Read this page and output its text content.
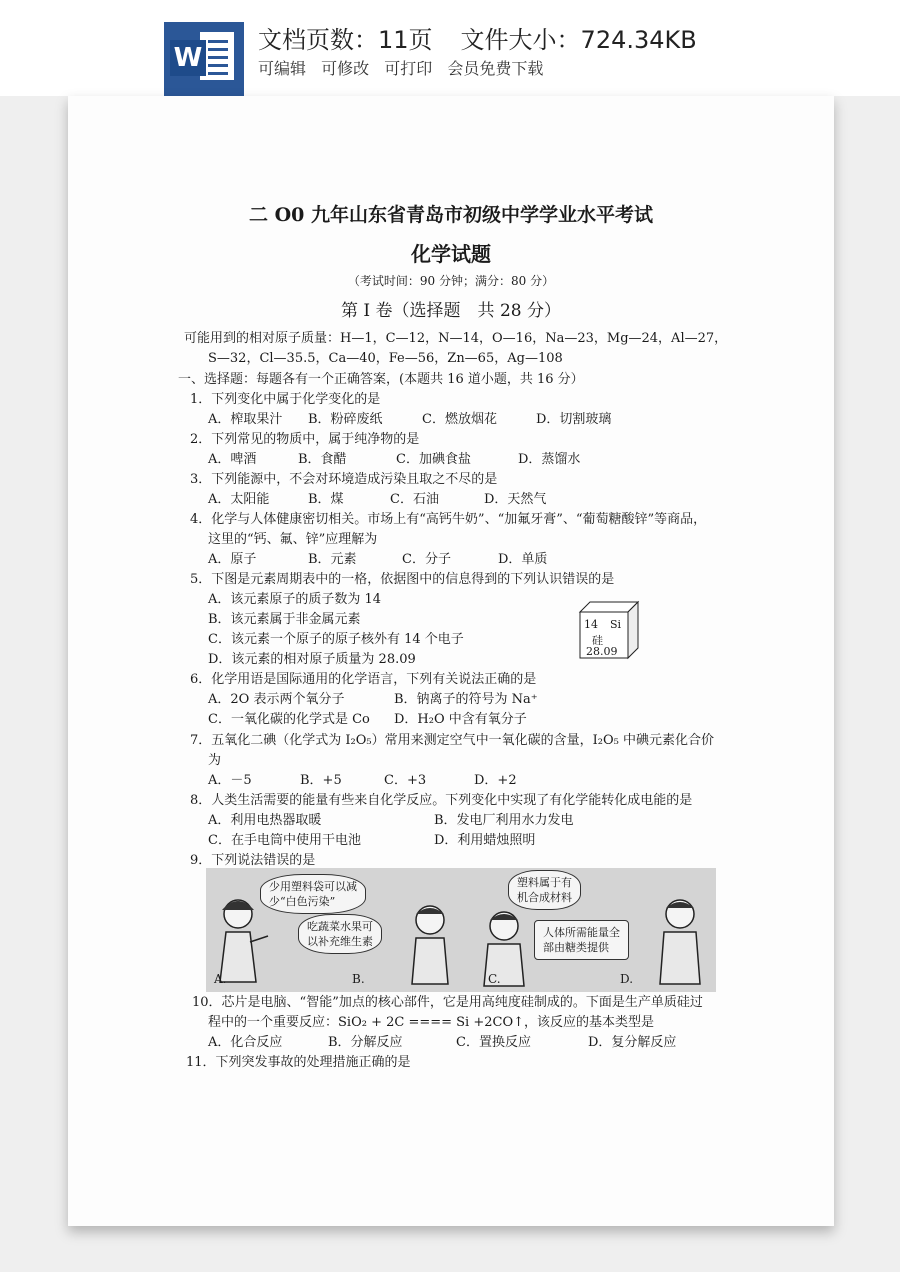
W
文档页数：11页 文件大小：724.34KB
可编辑 可修改 可打印 会员免费下载
二 O0 九年山东省青岛市初级中学学业水平考试
化学试题
（考试时间：90 分钟；满分：80 分）
第 I 卷（选择题　共 28 分）
可能用到的相对原子质量：H—1，C—12，N—14，O—16，Na—23，Mg—24，Al—27，
S—32，Cl—35.5，Ca—40，Fe—56，Zn—65，Ag—108
一、选择题：每题各有一个正确答案，(本题共 16 道小题，共 16 分）
1．下列变化中属于化学变化的是
A．榨取果汁 B．粉碎废纸	C．燃放烟花	D．切割玻璃
2．下列常见的物质中，属于纯净物的是
A．啤酒	B．食醋	C．加碘食盐	D．蒸馏水
3．下列能源中，不会对环境造成污染且取之不尽的是
A．太阳能	B．煤	C．石油	D．天然气
4．化学与人体健康密切相关。市场上有“高钙牛奶”、“加氟牙膏”、“葡萄糖酸锌”等商品，
这里的“钙、氟、锌”应理解为
A．原子	B．元素	C．分子	D．单质
5．下图是元素周期表中的一格，依据图中的信息得到的下列认识错误的是
A．该元素原子的质子数为 14
B．该元素属于非金属元素
C．该元素一个原子的原子核外有 14 个电子
D．该元素的相对原子质量为 28.09
14 Si
硅
28.09
6．化学用语是国际通用的化学语言，下列有关说法正确的是
A．2O 表示两个氧分子	B．钠离子的符号为 Na⁺
C．一氧化碳的化学式是 Co D．H₂O 中含有氧分子
7．五氧化二碘（化学式为 I₂O₅）常用来测定空气中一氧化碳的含量，I₂O₅ 中碘元素化合价
为
A．－5	B．+5	C．+3	D．+2
8．人类生活需要的能量有些来自化学反应。下列变化中实现了有化学能转化成电能的是
A．利用电热器取暖	B．发电厂利用水力发电
C．在手电筒中使用干电池	D．利用蜡烛照明
9．下列说法错误的是
少用塑料袋可以减
少“白色污染”
吃蔬菜水果可
以补充维生素
塑料属于有
机合成材料
人体所需能量全
部由糖类提供
A.	B.	C.	D.
10．芯片是电脑、“智能”加点的核心部件，它是用高纯度硅制成的。下面是生产单质硅过
程中的一个重要反应：SiO₂ + 2C ==== Si +2CO↑，该反应的基本类型是
A．化合反应	B．分解反应	C．置换反应	D．复分解反应
11．下列突发事故的处理措施正确的是
